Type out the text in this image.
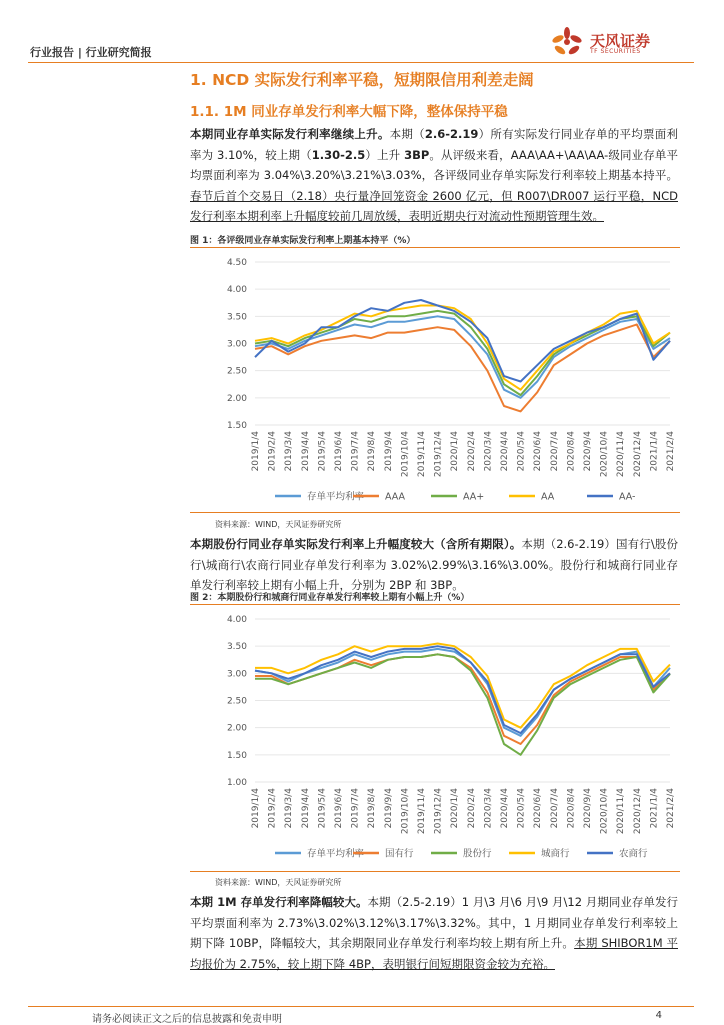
行业报告 | 行业研究简报
天风证券
TF SECURITIES
1. NCD 实际发行利率平稳，短期限信用利差走阔
1.1. 1M 同业存单发行利率大幅下降，整体保持平稳

本期同业存单实际发行利率继续上升。本期（2.6-2.19）所有实际发行同业存单的平均票面利率为 3.10%，较上期（1.30-2.5）上升 3BP。从评级来看，AAA\AA+\AA\AA-级同业存单平均票面利率为 3.04%\3.20%\3.21%\3.03%，各评级同业存单实际发行利率较上期基本持平。春节后首个交易日（2.18）央行量净回笼资金 2600 亿元，但 R007\DR007 运行平稳，NCD 发行利率本期利率上升幅度较前几周放缓，表明近期央行对流动性预期管理生效。

图 1：各评级同业存单实际发行利率上期基本持平（%）
4.50
4.00
3.50
3.00
2.50
2.00
1.50
2019/1/4 2019/2/4 2019/3/4 2019/4/4 2019/5/4 2019/6/4 2019/7/4 2019/8/4 2019/9/4 2019/10/4 2019/11/4 2019/12/4 2020/1/4 2020/2/4 2020/3/4 2020/4/4 2020/5/4 2020/6/4 2020/7/4 2020/8/4 2020/9/4 2020/10/4 2020/11/4 2020/12/4 2021/1/4 2021/2/4
存单平均利率 AAA	AA+	AA	AA-
资料来源：WIND，天风证券研究所

本期股份行同业存单实际发行利率上升幅度较大（含所有期限）。本期（2.6-2.19）国有行\股份行\城商行\农商行同业存单发行利率为 3.02%\2.99%\3.16%\3.00%。股份行和城商行同业存单发行利率较上期有小幅上升，分别为 2BP 和 3BP。

图 2：本期股份行和城商行同业存单发行利率较上期有小幅上升（%）
4.00
3.50
3.00
2.50
2.00
1.50
1.00
2019/1/4 2019/2/4 2019/3/4 2019/4/4 2019/5/4 2019/6/4 2019/7/4 2019/8/4 2019/9/4 2019/10/4 2019/11/4 2019/12/4 2020/1/4 2020/2/4 2020/3/4 2020/4/4 2020/5/4 2020/6/4 2020/7/4 2020/8/4 2020/9/4 2020/10/4 2020/11/4 2020/12/4 2021/1/4 2021/2/4
存单平均利率 国有行	股份行	城商行	农商行
资料来源：WIND，天风证券研究所

本期 1M 存单发行利率降幅较大。本期（2.5-2.19）1 月\3 月\6 月\9 月\12 月期同业存单发行平均票面利率为 2.73%\3.02%\3.12%\3.17%\3.32%。其中，1 月期同业存单发行利率较上期下降 10BP，降幅较大，其余期限同业存单发行利率均较上期有所上升。本期 SHIBOR1M 平均报价为 2.75%，较上期下降 4BP，表明银行间短期限资金较为充裕。

请务必阅读正文之后的信息披露和免责申明	4
